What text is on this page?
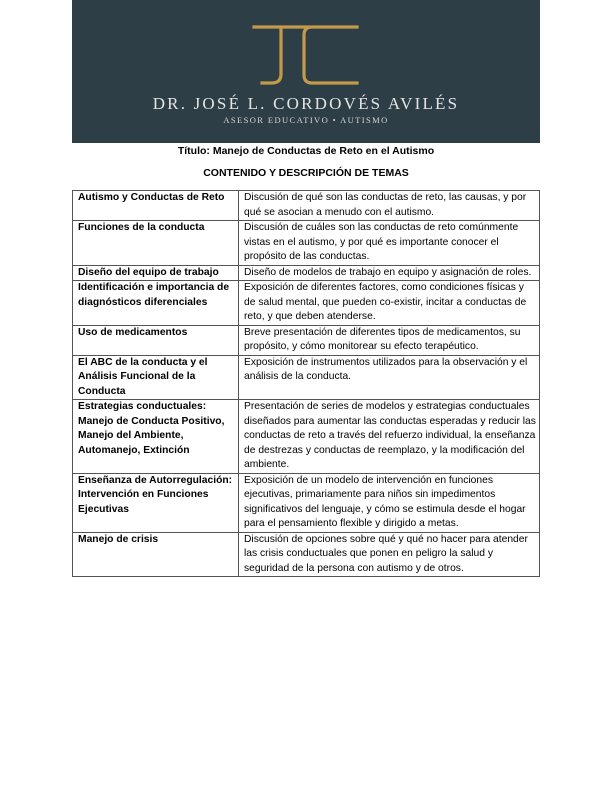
JC
DR. JOSÉ L. CORDOVÉS AVILÉS
ASESOR EDUCATIVO • AUTISMO
Título: Manejo de Conductas de Reto en el Autismo
CONTENIDO Y DESCRIPCIÓN DE TEMAS
Autismo y Conductas de Reto	Discusión de qué son las conductas de reto, las causas, y por qué se asocian a menudo con el autismo.
Funciones de la conducta	Discusión de cuáles son las conductas de reto comúnmente vistas en el autismo, y por qué es importante conocer el propósito de las conductas.
Diseño del equipo de trabajo	Diseño de modelos de trabajo en equipo y asignación de roles.
Identificación e importancia de diagnósticos diferenciales	Exposición de diferentes factores, como condiciones físicas y de salud mental, que pueden co-existir, incitar a conductas de reto, y que deben atenderse.
Uso de medicamentos	Breve presentación de diferentes tipos de medicamentos, su propósito, y cómo monitorear su efecto terapéutico.
El ABC de la conducta y el Análisis Funcional de la Conducta	Exposición de instrumentos utilizados para la observación y el análisis de la conducta.
Estrategias conductuales: Manejo de Conducta Positivo, Manejo del Ambiente, Automanejo, Extinción	Presentación de series de modelos y estrategias conductuales diseñados para aumentar las conductas esperadas y reducir las conductas de reto a través del refuerzo individual, la enseñanza de destrezas y conductas de reemplazo, y la modificación del ambiente.
Enseñanza de Autorregulación: Intervención en Funciones Ejecutivas	Exposición de un modelo de intervención en funciones ejecutivas, primariamente para niños sin impedimentos significativos del lenguaje, y cómo se estimula desde el hogar para el pensamiento flexible y dirigido a metas.
Manejo de crisis	Discusión de opciones sobre qué y qué no hacer para atender las crisis conductuales que ponen en peligro la salud y seguridad de la persona con autismo y de otros.
